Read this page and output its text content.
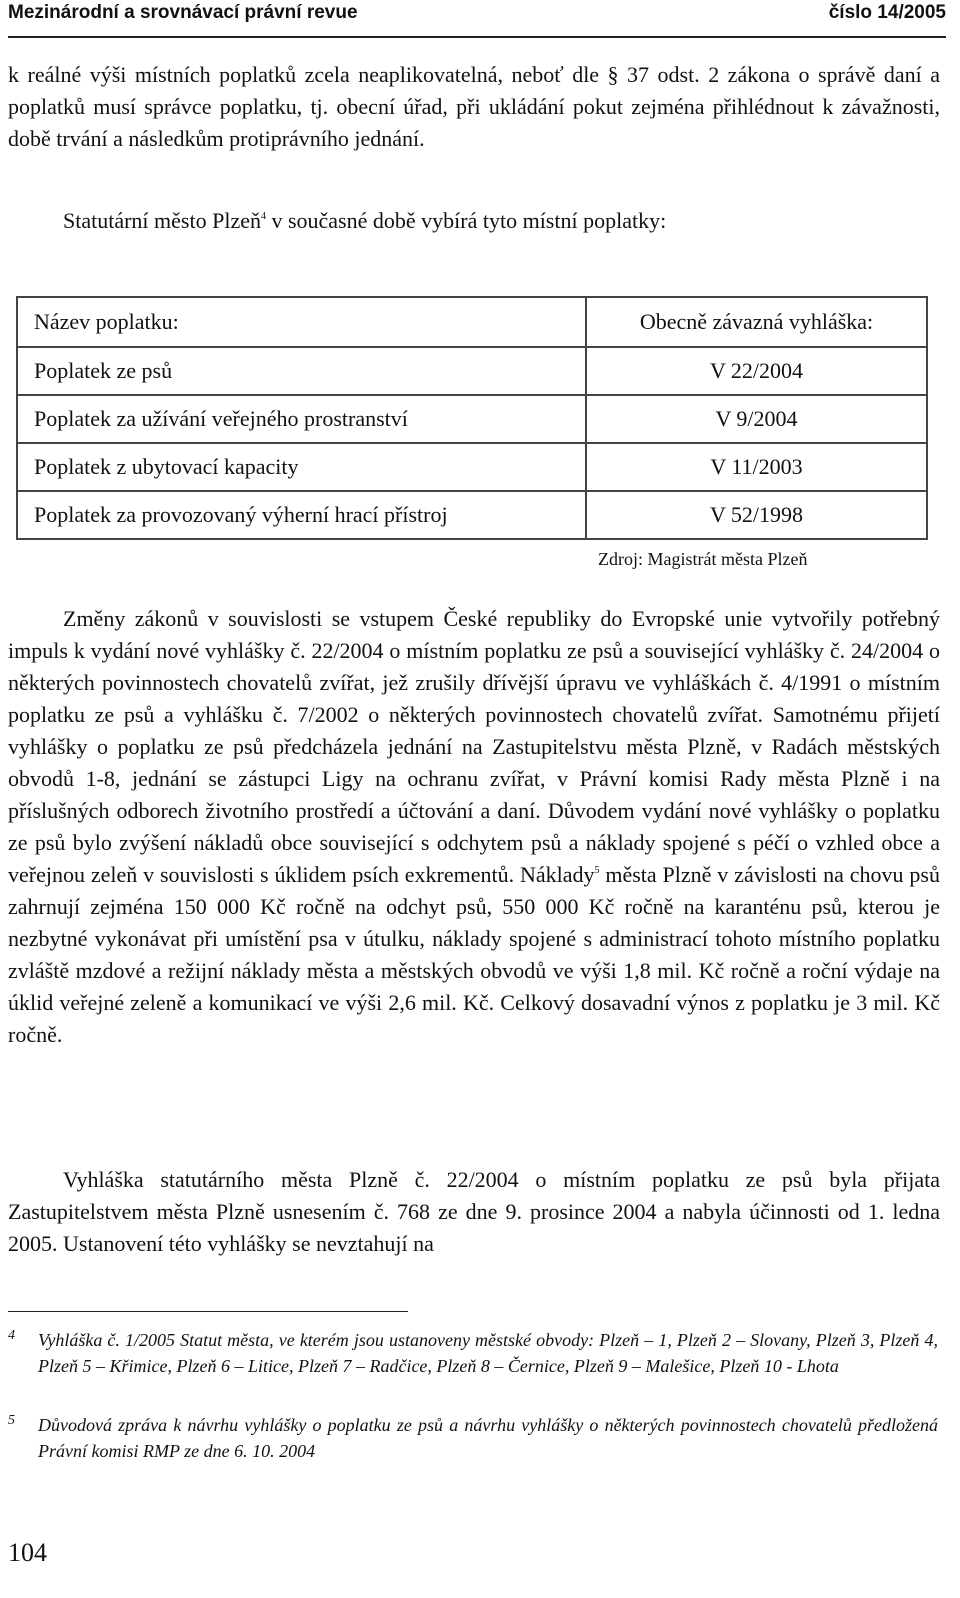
Mezinárodní a srovnávací právní revue	číslo 14/2005

k reálné výši místních poplatků zcela neaplikovatelná, neboť dle § 37 odst. 2 zákona o správě daní a poplatků musí správce poplatku, tj. obecní úřad, při ukládání pokut zejména přihlédnout k závažnosti, době trvání a následkům protiprávního jednání.

Statutární město Plzeň$^4$ v současné době vybírá tyto místní poplatky:

Název poplatku:	Obecně závazná vyhláška:
Poplatek ze psů	V 22/2004
Poplatek za užívání veřejného prostranství	V 9/2004
Poplatek z ubytovací kapacity	V 11/2003
Poplatek za provozovaný výherní hrací přístroj	V 52/1998
Zdroj: Magistrát města Plzeň

Změny zákonů v souvislosti se vstupem České republiky do Evropské unie vytvořily potřebný impuls k vydání nové vyhlášky č. 22/2004 o místním poplatku ze psů a související vyhlášky č. 24/2004 o některých povinnostech chovatelů zvířat, jež zrušily dřívější úpravu ve vyhláškách č. 4/1991 o místním poplatku ze psů a vyhlášku č. 7/2002 o některých povinnostech chovatelů zvířat. Samotnému přijetí vyhlášky o poplatku ze psů předcházela jednání na Zastupitelstvu města Plzně, v Radách městských obvodů 1-8, jednání se zástupci Ligy na ochranu zvířat, v Právní komisi Rady města Plzně i na příslušných odborech životního prostředí a účtování a daní. Důvodem vydání nové vyhlášky o poplatku ze psů bylo zvýšení nákladů obce související s odchytem psů a náklady spojené s péčí o vzhled obce a veřejnou zeleň v souvislosti s úklidem psích exkrementů. Náklady$^5$ města Plzně v závislosti na chovu psů zahrnují zejména 150 000 Kč ročně na odchyt psů, 550 000 Kč ročně na karanténu psů, kterou je nezbytné vykonávat při umístění psa v útulku, náklady spojené s administrací tohoto místního poplatku zvláště mzdové a režijní náklady města a městských obvodů ve výši 1,8 mil. Kč ročně a roční výdaje na úklid veřejné zeleně a komunikací ve výši 2,6 mil. Kč. Celkový dosavadní výnos z poplatku je 3 mil. Kč ročně.

Vyhláška statutárního města Plzně č. 22/2004 o místním poplatku ze psů byla přijata Zastupitelstvem města Plzně usnesením č. 768 ze dne 9. prosince 2004 a nabyla účinnosti od 1. ledna 2005. Ustanovení této vyhlášky se nevztahují na

4 Vyhláška č. 1/2005 Statut města, ve kterém jsou ustanoveny městské obvody: Plzeň – 1, Plzeň 2 – Slovany, Plzeň 3, Plzeň 4, Plzeň 5 – Křimice, Plzeň 6 – Litice, Plzeň 7 – Radčice, Plzeň 8 – Černice, Plzeň 9 – Malešice, Plzeň 10 - Lhota

5 Důvodová zpráva k návrhu vyhlášky o poplatku ze psů a návrhu vyhlášky o některých povinnostech chovatelů předložená Právní komisi RMP ze dne 6. 10. 2004

104
